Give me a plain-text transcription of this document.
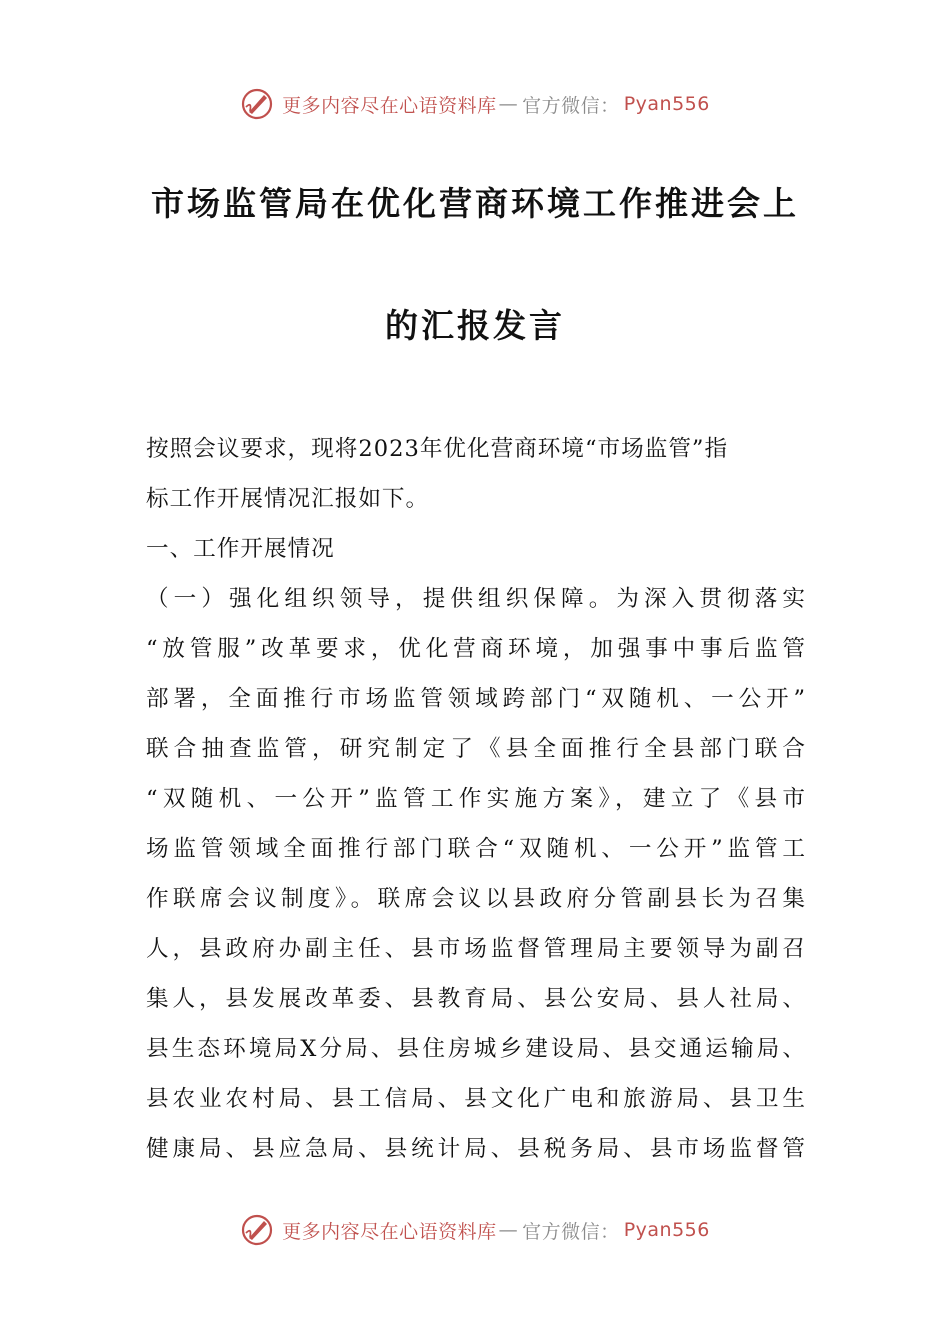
更多内容尽在心语资料库 — 官方微信： Pyan556
市场监管局在优化营商环境工作推进会上
的汇报发言
按照会议要求，现将2023年优化营商环境“市场监管”指
标工作开展情况汇报如下。
一、工作开展情况
（一）强化组织领导，提供组织保障。为深入贯彻落实
“放管服”改革要求，优化营商环境，加强事中事后监管
部署，全面推行市场监管领域跨部门“双随机、一公开”
联合抽查监管，研究制定了《县全面推行全县部门联合
“双随机、一公开”监管工作实施方案》，建立了《县市
场监管领域全面推行部门联合“双随机、一公开”监管工
作联席会议制度》。联席会议以县政府分管副县长为召集
人，县政府办副主任、县市场监督管理局主要领导为副召
集人，县发展改革委、县教育局、县公安局、县人社局、
县生态环境局X分局、县住房城乡建设局、县交通运输局、
县农业农村局、县工信局、县文化广电和旅游局、县卫生
健康局、县应急局、县统计局、县税务局、县市场监督管
更多内容尽在心语资料库 — 官方微信： Pyan556
